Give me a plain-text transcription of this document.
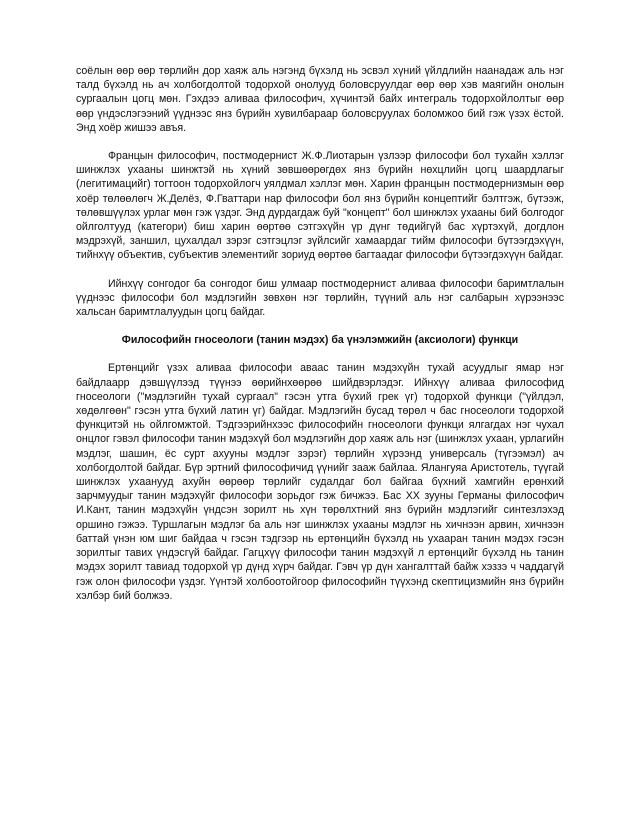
соёлын өөр өөр төрлийн дор хаяж аль нэгэнд бүхэлд нь эсвэл хүний үйлдлийн наанадаж аль нэг талд бүхэлд нь ач холбогдолтой тодорхой онолууд боловсруулдаг өөр өөр хэв маягийн онолын сургаалын цогц мөн. Гэхдээ аливаа философич, хүчинтэй байх интеграль тодорхойлолтыг өөр өөр үндэслэгээний үүднээс янз бүрийн хувилбараар боловсруулах боломжоо бий гэж үзэх ёстой. Энд хоёр жишээ авъя.

Францын философич, постмодернист Ж.Ф.Лиотарын үзлээр философи бол тухайн хэллэг шинжлэх ухааны шинжтэй нь хүний зөвшөөрөгдөх янз бүрийн нөхцлийн цогц шаардлагыг (легитимацийг) тогтоон тодорхойлогч уялдмал хэллэг мөн. Харин францын постмодернизмын өөр хоёр төлөөлөгч Ж.Делёз, Ф.Гваттари нар философи бол янз бүрийн концептийг бэлтгэж, бүтээж, төлөвшүүлэх урлаг мөн гэж үздэг. Энд дурдагдаж буй "концепт" бол шинжлэх ухааны бий болгодог ойлголтууд (категори) биш харин өөртөө сэтгэхүйн үр дүнг төдийгүй бас хүртэхүй, догдлон мэдрэхүй, заншил, цухалдал зэрэг сэтгэцлэг зүйлсийг хамаардаг тийм философи бүтээгдэхүүн, тийнхүү объектив, субъектив элементийг зориуд өөртөө багтаадаг философи бүтээгдэхүүн байдаг.

Ийнхүү сонгодог ба сонгодог биш улмаар постмодернист аливаа философи баримтлалын үүднээс философи бол мэдлэгийн зөвхөн нэг төрлийн, түүний аль нэг салбарын хүрээнээс хальсан баримтлалуудын цогц байдаг.

Философийн гносеологи (танин мэдэх) ба үнэлэмжийн (аксиологи) функци

Ертөнцийг үзэх аливаа философи аваас танин мэдэхүйн тухай асуудлыг ямар нэг байдлаарр дэвшүүлээд түүнээ өөрийнхөөрөө шийдвэрлэдэг. Ийнхүү аливаа философид гносеологи ("мэдлэгийн тухай сургаал" гэсэн утга бүхий грек үг) тодорхой функци ("үйлдэл, хөдөлгөөн" гэсэн утга бүхий латин үг) байдаг. Мэдлэгийн бусад төрөл ч бас гносеологи тодорхой функцитэй нь ойлгомжтой. Тэдгээрийнхээс философийн гносеологи функци ялгагдах нэг чухал онцлог гэвэл философи танин мэдэхүй бол мэдлэгийн дор хаяж аль нэг (шинжлэх ухаан, урлагийн мэдлэг, шашин, ёс сурт ахууны мэдлэг зэрэг) төрлийн хүрээнд универсаль (түгээмэл) ач холбогдолтой байдаг. Бүр эртний философичид үүнийг зааж байлаа. Ялангуяа Аристотель, түүгай шинжлэх ухаанууд ахуйн өөрөөр төрлийг судалдаг бол байгаа бүхний хамгийн ерөнхий зарчмуудыг танин мэдэхүйг философи зорьдог гэж бичжээ. Бас XX зууны Германы философич И.Кант, танин мэдэхүйн үндсэн зорилт нь хүн төрөлхтний янз бүрийн мэдлэгийг синтезлэхэд оршино гэжээ. Туршлагын мэдлэг ба аль нэг шинжлэх ухааны мэдлэг нь хичнээн арвин, хичнээн баттай үнэн юм шиг байдаа ч гэсэн тэдгээр нь ертөнцийн бүхэлд нь ухааран танин мэдэх гэсэн зорилтыг тавих үндэсгүй байдаг. Гагцхүү философи танин мэдэхүй л ертөнцийг бүхэлд нь танин мэдэх зорилт тавиад тодорхой үр дүнд хүрч байдаг. Гэвч үр дүн хангалттай байж хэззэ ч чаддагүй гэж олон философи үздэг. Үүнтэй холбоотойгоор философийн түүхэнд скептицизмийн янз бүрийн хэлбэр бий болжээ.
